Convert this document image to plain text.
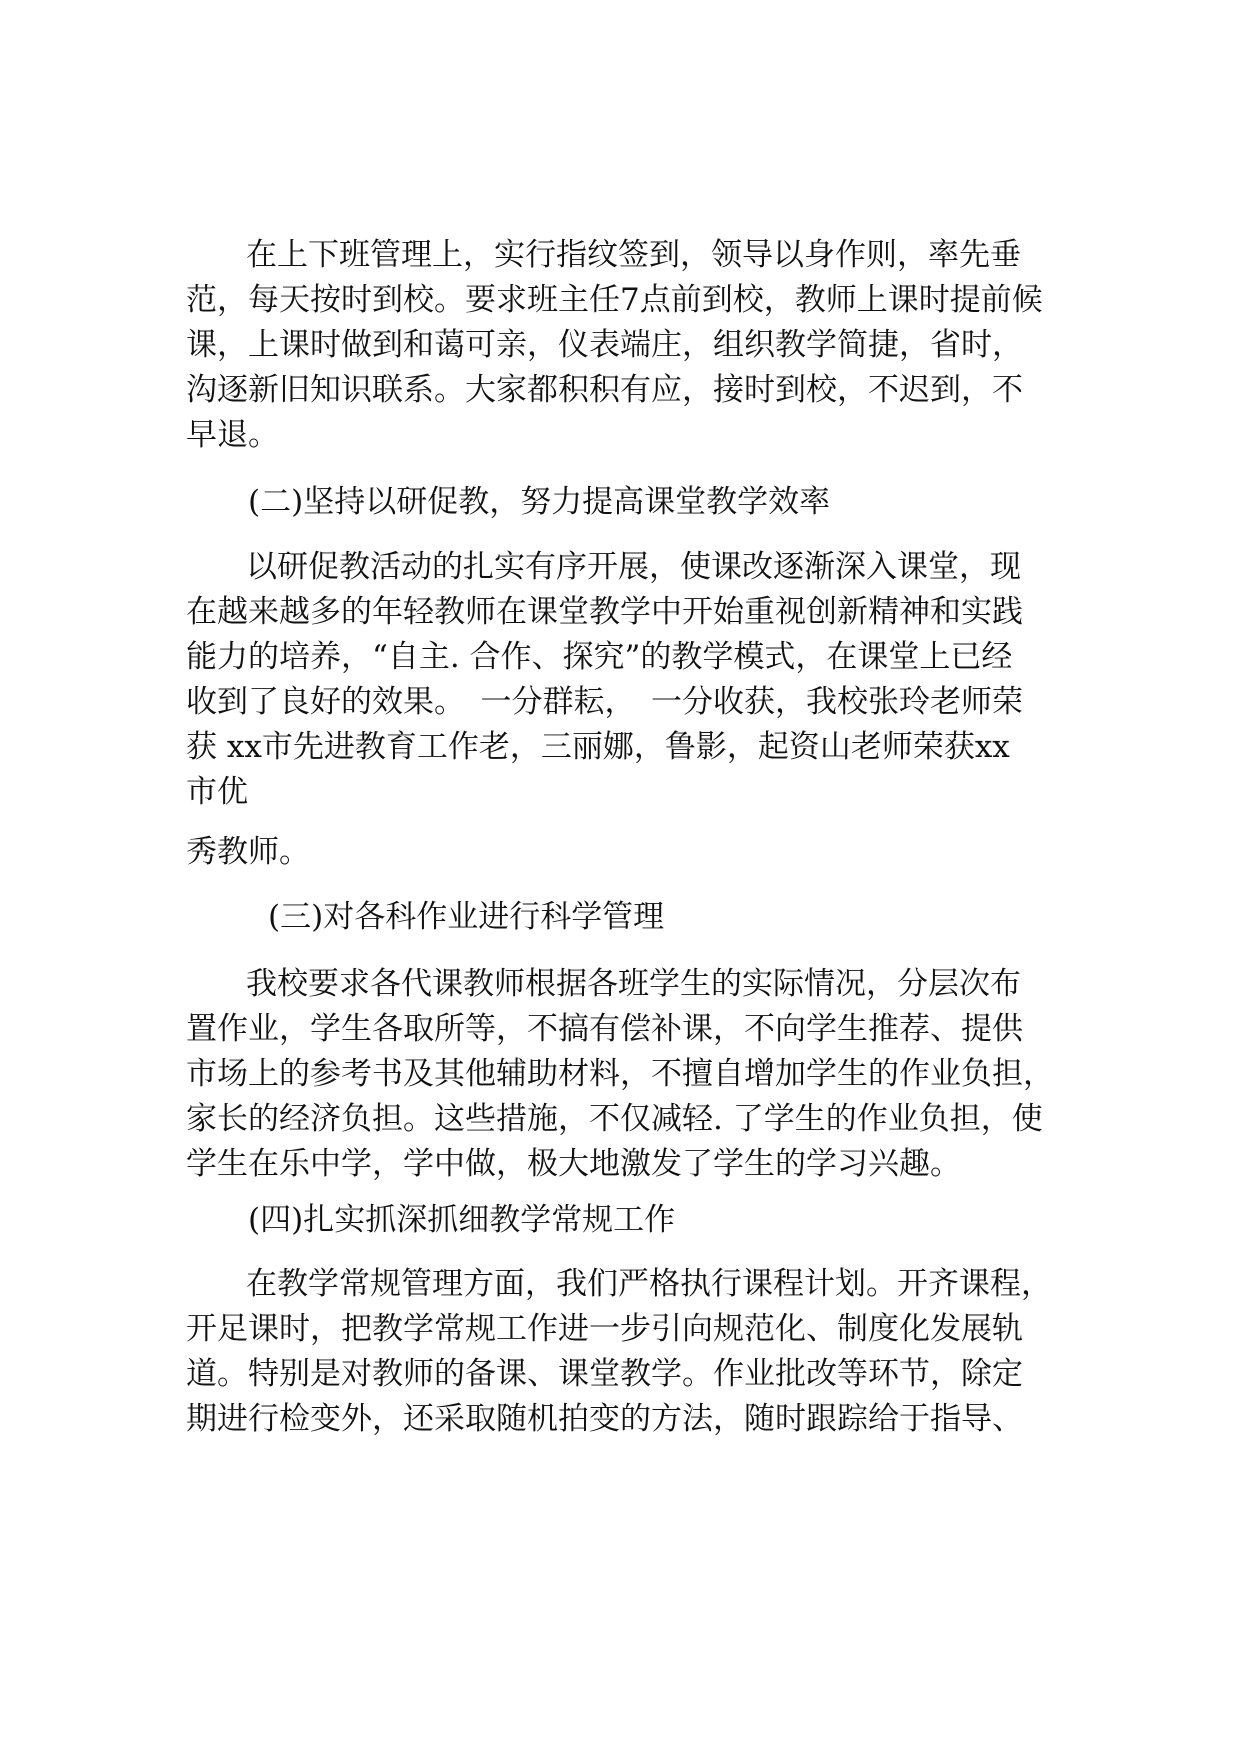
在上下班管理上，实行指纹签到，领导以身作则，率先垂
范，每天按时到校。要求班主任7点前到校，教师上课时提前候
课，上课时做到和蔼可亲，仪表端庄，组织教学简捷，省时，
沟逐新旧知识联系。大家都积积有应，接时到校，不迟到，不
早退。
(二)坚持以研促教，努力提高课堂教学效率
以研促教活动的扎实有序开展，使课改逐渐深入课堂，现
在越来越多的年轻教师在课堂教学中开始重视创新精神和实践
能力的培养，“自主. 合作、探究”的教学模式，在课堂上已经
收到了良好的效果。　一分群耘，　一分收获，我校张玲老师荣
获 xx市先进教育工作老，三丽娜，鲁影，起资山老师荣获xx
市优
秀教师。
(三)对各科作业进行科学管理
我校要求各代课教师根据各班学生的实际情况，分层次布
置作业，学生各取所等，不搞有偿补课，不向学生推荐、提供
市场上的参考书及其他辅助材料，不擅自增加学生的作业负担，
家长的经济负担。这些措施，不仅减轻. 了学生的作业负担，使
学生在乐中学，学中做，极大地激发了学生的学习兴趣。
(四)扎实抓深抓细教学常规工作
在教学常规管理方面，我们严格执行课程计划。开齐课程，
开足课时，把教学常规工作进一步引向规范化、制度化发展轨
道。特别是对教师的备课、课堂教学。作业批改等环节，除定
期进行检变外，还采取随机拍变的方法，随时跟踪给于指导、
